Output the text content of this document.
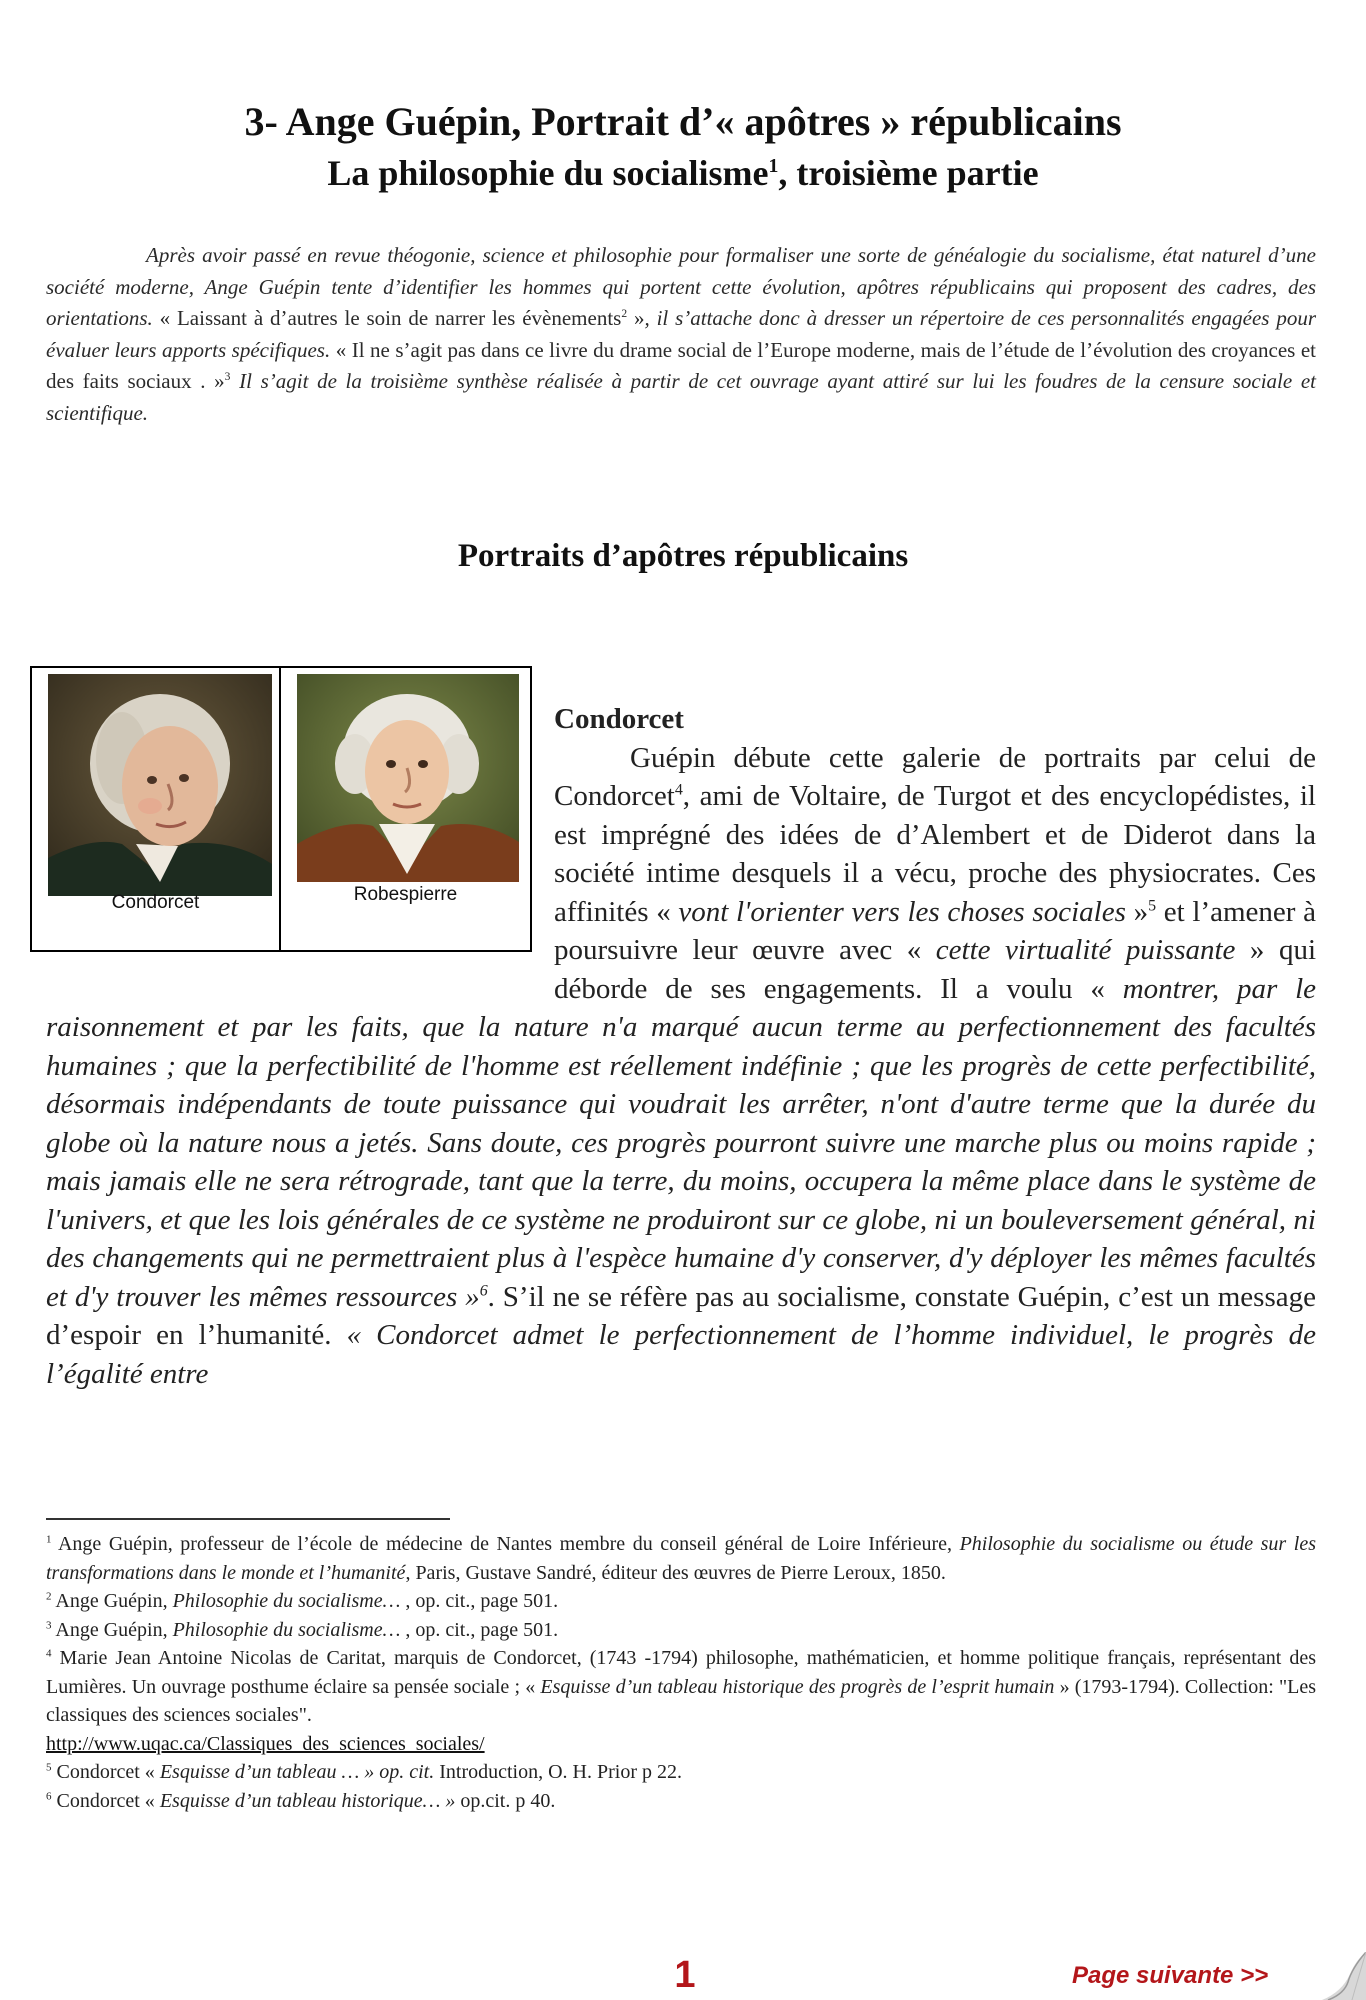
3- Ange Guépin, Portrait d’« apôtres » républicains
La philosophie du socialisme$^1$, troisième partie

Après avoir passé en revue théogonie, science et philosophie pour formaliser une sorte de généalogie du socialisme, état naturel d’une société moderne, Ange Guépin tente d’identifier les hommes qui portent cette évolution, apôtres républicains qui proposent des cadres, des orientations. « Laissant à d’autres le soin de narrer les évènements$^2$ », il s’attache donc à dresser un répertoire de ces personnalités engagées pour évaluer leurs apports spécifiques. « Il ne s’agit pas dans ce livre du drame social de l’Europe moderne, mais de l’étude de l’évolution des croyances et des faits sociaux . »$^3$ Il s’agit de la troisième synthèse réalisée à partir de cet ouvrage ayant attiré sur lui les foudres de la censure sociale et scientifique.

Portraits d’apôtres républicains
Condorcet	Robespierre
Condorcet
Guépin débute cette galerie de portraits par celui de Condorcet$^4$, ami de Voltaire, de Turgot et des encyclopédistes, il est imprégné des idées de d’Alembert et de Diderot dans la société intime desquels il a vécu, proche des physiocrates. Ces affinités « vont l'orienter vers les choses sociales »$^5$ et l’amener à poursuivre leur œuvre avec « cette virtualité puissante » qui déborde de ses engagements. Il a voulu « montrer, par le raisonnement et par les faits, que la nature n'a marqué aucun terme au perfectionnement des facultés humaines ; que la perfectibilité de l'homme est réellement indéfinie ; que les progrès de cette perfectibilité, désormais indépendants de toute puissance qui voudrait les arrêter, n'ont d'autre terme que la durée du globe où la nature nous a jetés. Sans doute, ces progrès pourront suivre une marche plus ou moins rapide ; mais jamais elle ne sera rétrograde, tant que la terre, du moins, occupera la même place dans le système de l'univers, et que les lois générales de ce système ne produiront sur ce globe, ni un bouleversement général, ni des changements qui ne permettraient plus à l'espèce humaine d'y conserver, d'y déployer les mêmes facultés et d'y trouver les mêmes ressources »$^6$. S’il ne se réfère pas au socialisme, constate Guépin, c’est un message d’espoir en l’humanité. « Condorcet admet le perfectionnement de l’homme individuel, le progrès de l’égalité entre

$^1$ Ange Guépin, professeur de l’école de médecine de Nantes membre du conseil général de Loire Inférieure, Philosophie du socialisme ou étude sur les transformations dans le monde et l’humanité, Paris, Gustave Sandré, éditeur des œuvres de Pierre Leroux, 1850.

$^2$ Ange Guépin, Philosophie du socialisme… , op. cit., page 501.

$^3$ Ange Guépin, Philosophie du socialisme… , op. cit., page 501.

$^4$ Marie Jean Antoine Nicolas de Caritat, marquis de Condorcet, (1743 -1794) philosophe, mathématicien, et homme politique français, représentant des Lumières. Un ouvrage posthume éclaire sa pensée sociale ; « Esquisse d’un tableau historique des progrès de l’esprit humain » (1793-1794). Collection: "Les classiques des sciences sociales".
http://www.uqac.ca/Classiques_des_sciences_sociales/

$^5$ Condorcet « Esquisse d’un tableau … » op. cit. Introduction, O. H. Prior p 22.

$^6$ Condorcet « Esquisse d’un tableau historique… » op.cit. p 40.

1	Page suivante >>
